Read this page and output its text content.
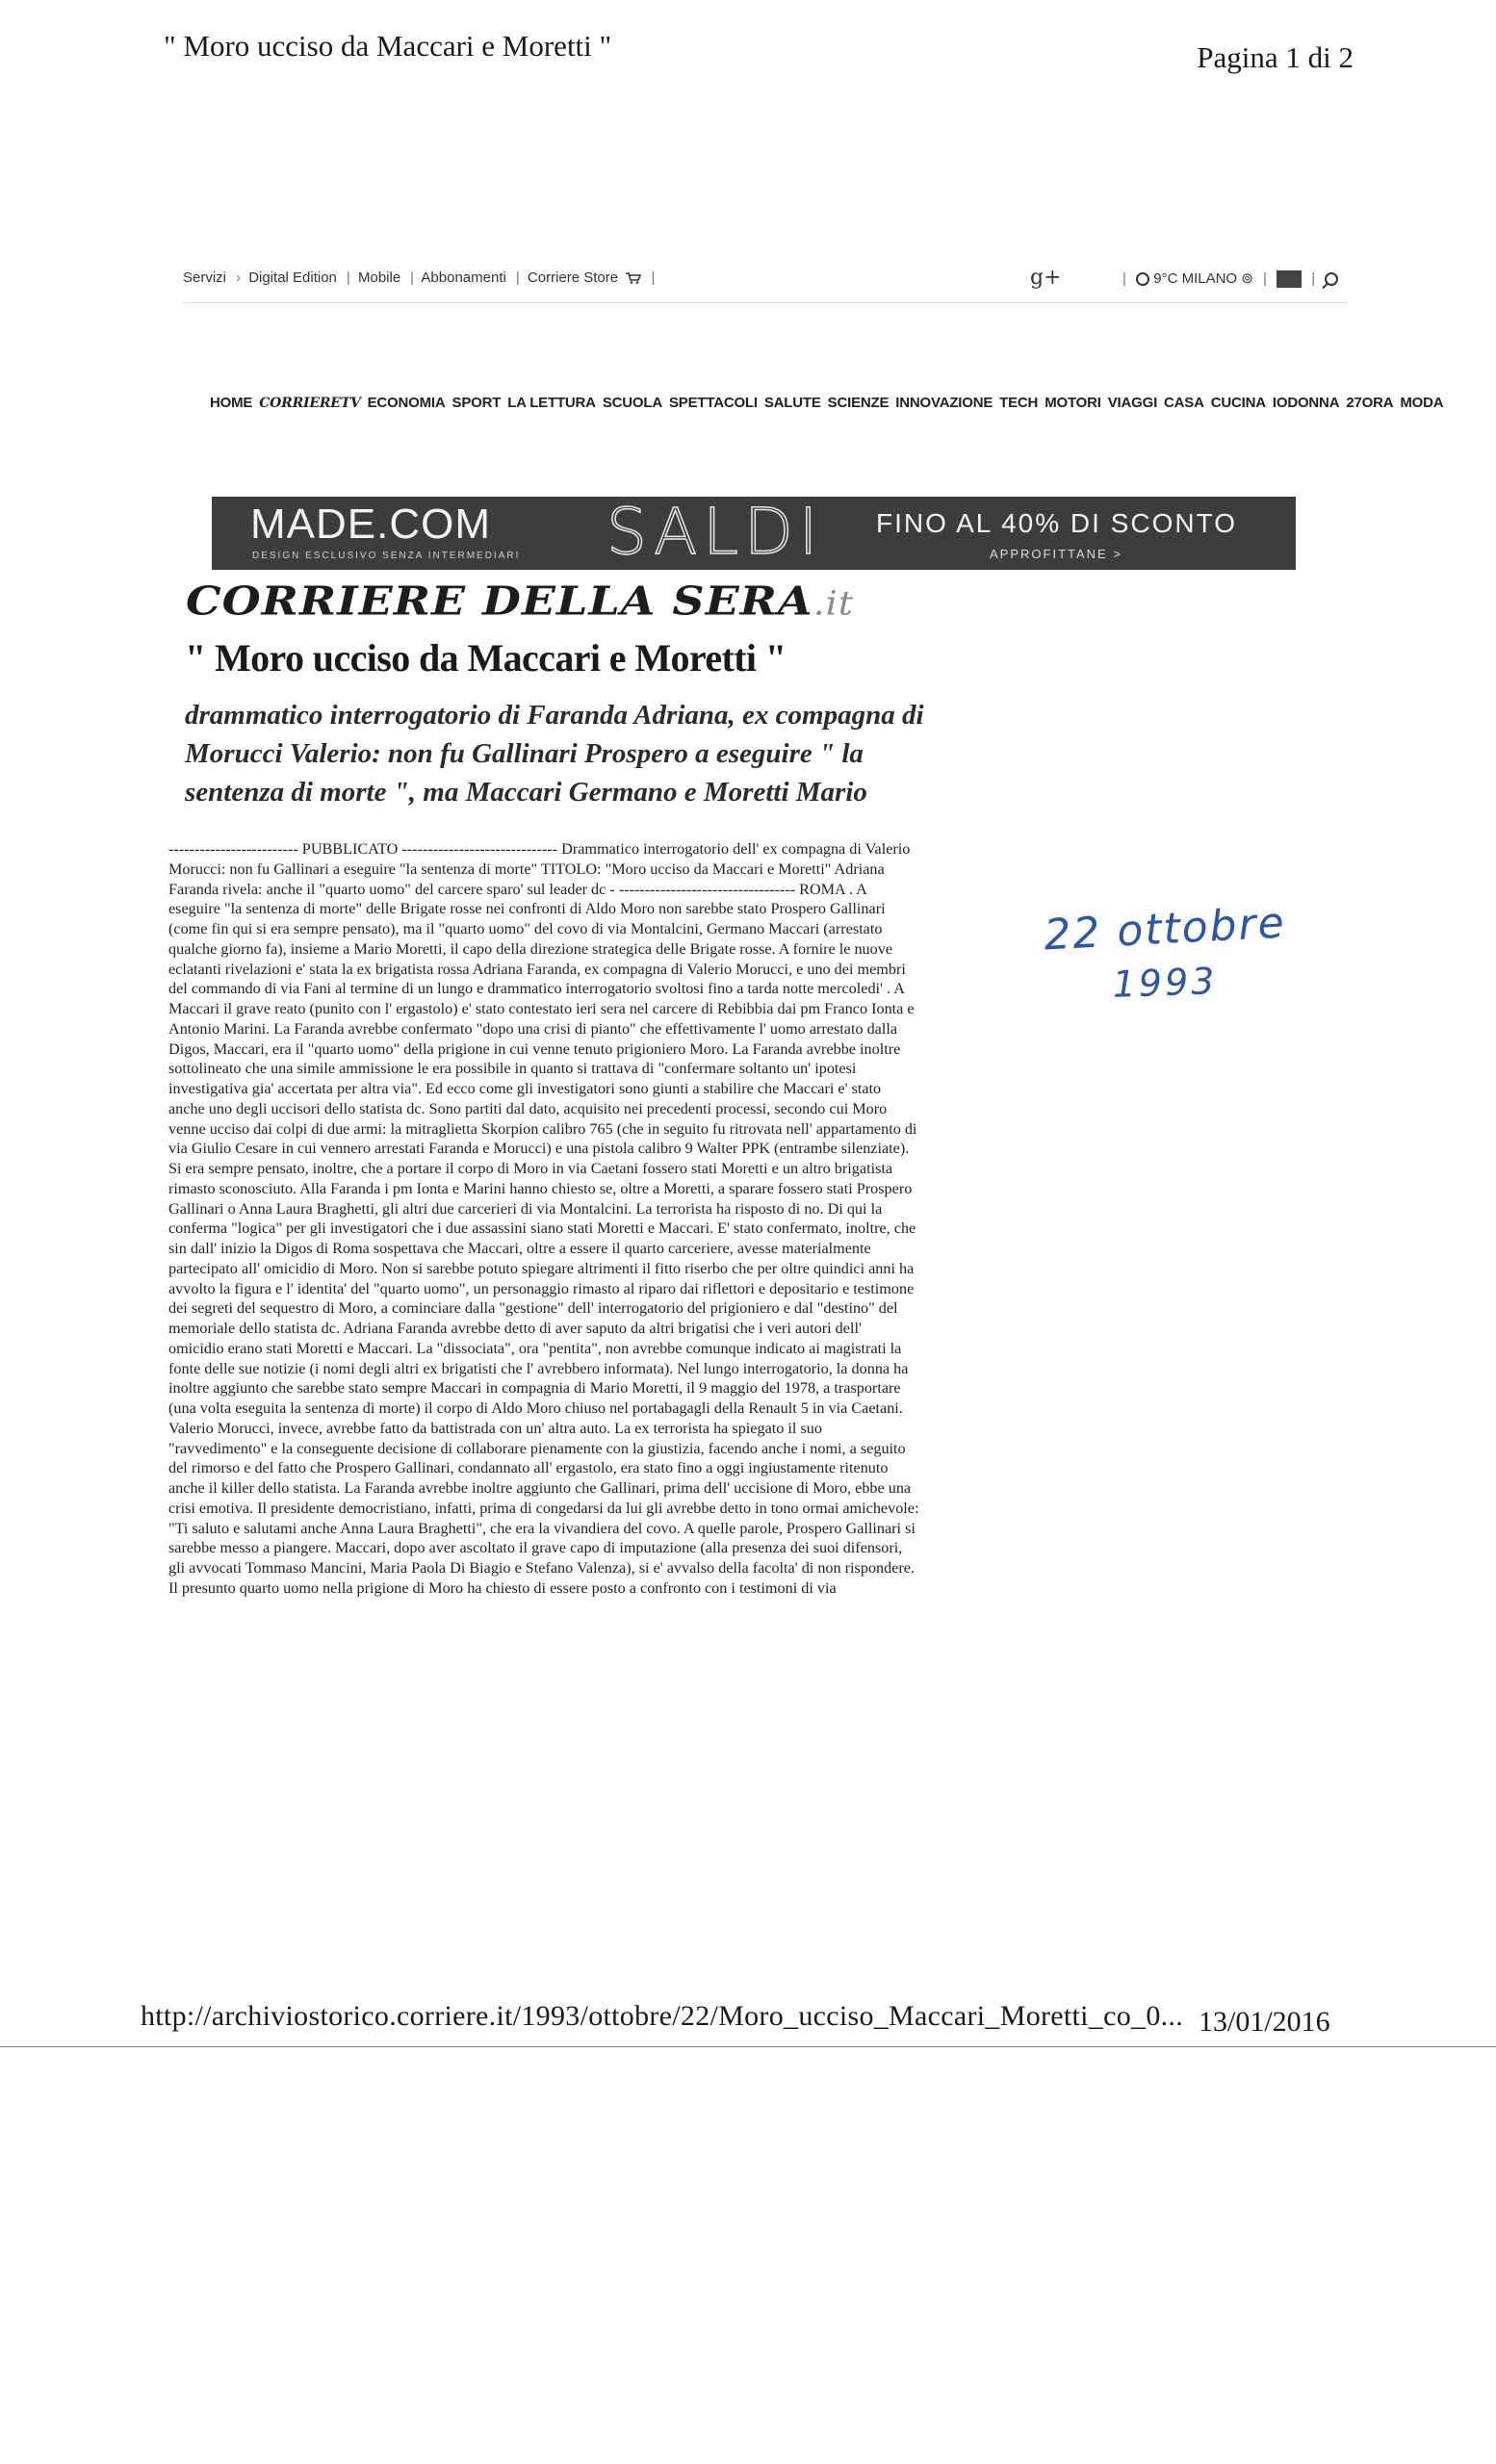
" Moro ucciso da Maccari e Moretti "	Pagina 1 di 2
Servizi › Digital Edition | Mobile | Abbonamenti | Corriere Store |	g+	| 9°C MILANO ⊚ |	|
HOME CORRIERETV ECONOMIA SPORT LA LETTURA SCUOLA SPETTACOLI SALUTE SCIENZE INNOVAZIONE TECH MOTORI VIAGGI CASA CUCINA IODONNA 27ORA MODA
MADE.COM
DESIGN ESCLUSIVO SENZA INTERMEDIARI SALDI FINO AL 40% DI SCONTO
APPROFITTANE >
CORRIERE DELLA SERA.it
" Moro ucciso da Maccari e Moretti "
drammatico interrogatorio di Faranda Adriana, ex compagna di Morucci Valerio: non fu Gallinari Prospero a eseguire " la sentenza di morte ", ma Maccari Germano e Moretti Mario

------------------------- PUBBLICATO ------------------------------ Drammatico interrogatorio dell' ex compagna di Valerio Morucci: non fu Gallinari a eseguire "la sentenza di morte" TITOLO: "Moro ucciso da Maccari e Moretti" Adriana Faranda rivela: anche il "quarto uomo" del carcere sparo' sul leader dc - ---------------------------------- ROMA . A eseguire "la sentenza di morte" delle Brigate rosse nei confronti di Aldo Moro non sarebbe stato Prospero Gallinari (come fin qui si era sempre pensato), ma il "quarto uomo" del covo di via Montalcini, Germano Maccari (arrestato qualche giorno fa), insieme a Mario Moretti, il capo della direzione strategica delle Brigate rosse. A fornire le nuove eclatanti rivelazioni e' stata la ex brigatista rossa Adriana Faranda, ex compagna di Valerio Morucci, e uno dei membri del commando di via Fani al termine di un lungo e drammatico interrogatorio svoltosi fino a tarda notte mercoledi' . A Maccari il grave reato (punito con l' ergastolo) e' stato contestato ieri sera nel carcere di Rebibbia dai pm Franco Ionta e Antonio Marini. La Faranda avrebbe confermato "dopo una crisi di pianto" che effettivamente l' uomo arrestato dalla Digos, Maccari, era il "quarto uomo" della prigione in cui venne tenuto prigioniero Moro. La Faranda avrebbe inoltre sottolineato che una simile ammissione le era possibile in quanto si trattava di "confermare soltanto un' ipotesi investigativa gia' accertata per altra via". Ed ecco come gli investigatori sono giunti a stabilire che Maccari e' stato anche uno degli uccisori dello statista dc. Sono partiti dal dato, acquisito nei precedenti processi, secondo cui Moro venne ucciso dai colpi di due armi: la mitraglietta Skorpion calibro 765 (che in seguito fu ritrovata nell' appartamento di via Giulio Cesare in cui vennero arrestati Faranda e Morucci) e una pistola calibro 9 Walter PPK (entrambe silenziate). Si era sempre pensato, inoltre, che a portare il corpo di Moro in via Caetani fossero stati Moretti e un altro brigatista rimasto sconosciuto. Alla Faranda i pm Ionta e Marini hanno chiesto se, oltre a Moretti, a sparare fossero stati Prospero Gallinari o Anna Laura Braghetti, gli altri due carcerieri di via Montalcini. La terrorista ha risposto di no. Di qui la conferma "logica" per gli investigatori che i due assassini siano stati Moretti e Maccari. E' stato confermato, inoltre, che sin dall' inizio la Digos di Roma sospettava che Maccari, oltre a essere il quarto carceriere, avesse materialmente partecipato all' omicidio di Moro. Non si sarebbe potuto spiegare altrimenti il fitto riserbo che per oltre quindici anni ha avvolto la figura e l' identita' del "quarto uomo", un personaggio rimasto al riparo dai riflettori e depositario e testimone dei segreti del sequestro di Moro, a cominciare dalla "gestione" dell' interrogatorio del prigioniero e dal "destino" del memoriale dello statista dc. Adriana Faranda avrebbe detto di aver saputo da altri brigatisi che i veri autori dell' omicidio erano stati Moretti e Maccari. La "dissociata", ora "pentita", non avrebbe comunque indicato ai magistrati la fonte delle sue notizie (i nomi degli altri ex brigatisti che l' avrebbero informata). Nel lungo interrogatorio, la donna ha inoltre aggiunto che sarebbe stato sempre Maccari in compagnia di Mario Moretti, il 9 maggio del 1978, a trasportare (una volta eseguita la sentenza di morte) il corpo di Aldo Moro chiuso nel portabagagli della Renault 5 in via Caetani. Valerio Morucci, invece, avrebbe fatto da battistrada con un' altra auto. La ex terrorista ha spiegato il suo "ravvedimento" e la conseguente decisione di collaborare pienamente con la giustizia, facendo anche i nomi, a seguito del rimorso e del fatto che Prospero Gallinari, condannato all' ergastolo, era stato fino a oggi ingiustamente ritenuto anche il killer dello statista. La Faranda avrebbe inoltre aggiunto che Gallinari, prima dell' uccisione di Moro, ebbe una crisi emotiva. Il presidente democristiano, infatti, prima di congedarsi da lui gli avrebbe detto in tono ormai amichevole: "Ti saluto e salutami anche Anna Laura Braghetti", che era la vivandiera del covo. A quelle parole, Prospero Gallinari si sarebbe messo a piangere. Maccari, dopo aver ascoltato il grave capo di imputazione (alla presenza dei suoi difensori, gli avvocati Tommaso Mancini, Maria Paola Di Biagio e Stefano Valenza), si e' avvalso della facolta' di non rispondere. Il presunto quarto uomo nella prigione di Moro ha chiesto di essere posto a confronto con i testimoni di via

22 ottobre
1993
http://archiviostorico.corriere.it/1993/ottobre/22/Moro_ucciso_Maccari_Moretti_co_0... 13/01/2016
